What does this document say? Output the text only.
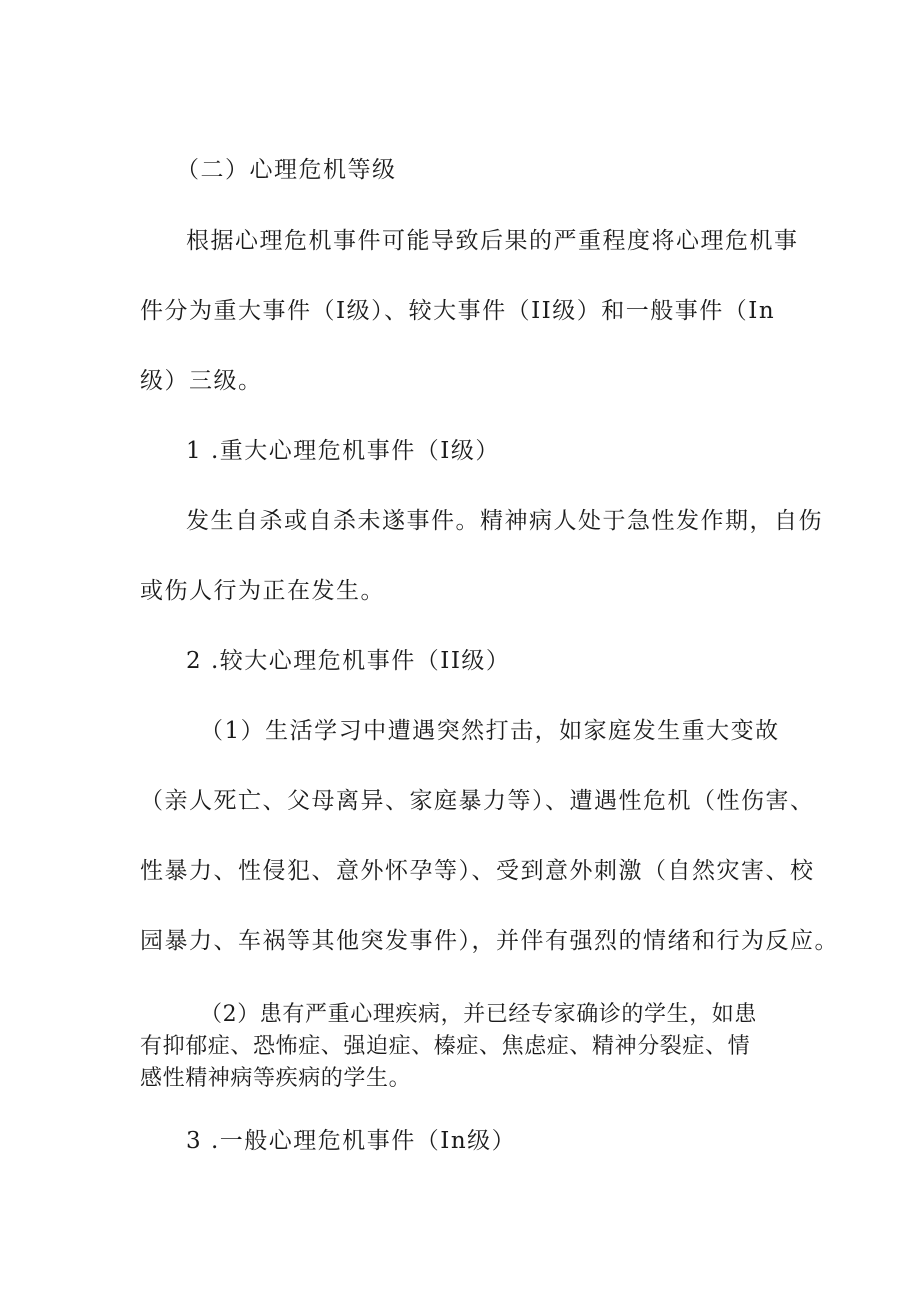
（二）心理危机等级

根据心理危机事件可能导致后果的严重程度将心理危机事

件分为重大事件（I级）、较大事件（II级）和一般事件（In

级）三级。

1 .重大心理危机事件（I级）

发生自杀或自杀未遂事件。精神病人处于急性发作期，自伤

或伤人行为正在发生。

2 .较大心理危机事件（II级）

（1）生活学习中遭遇突然打击，如家庭发生重大变故

（亲人死亡、父母离异、家庭暴力等）、遭遇性危机（性伤害、

性暴力、性侵犯、意外怀孕等）、受到意外刺激（自然灾害、校

园暴力、车祸等其他突发事件），并伴有强烈的情绪和行为反应。

（2）患有严重心理疾病，并已经专家确诊的学生，如患

有抑郁症、恐怖症、强迫症、榛症、焦虑症、精神分裂症、情

感性精神病等疾病的学生。

3 .一般心理危机事件（In级）
